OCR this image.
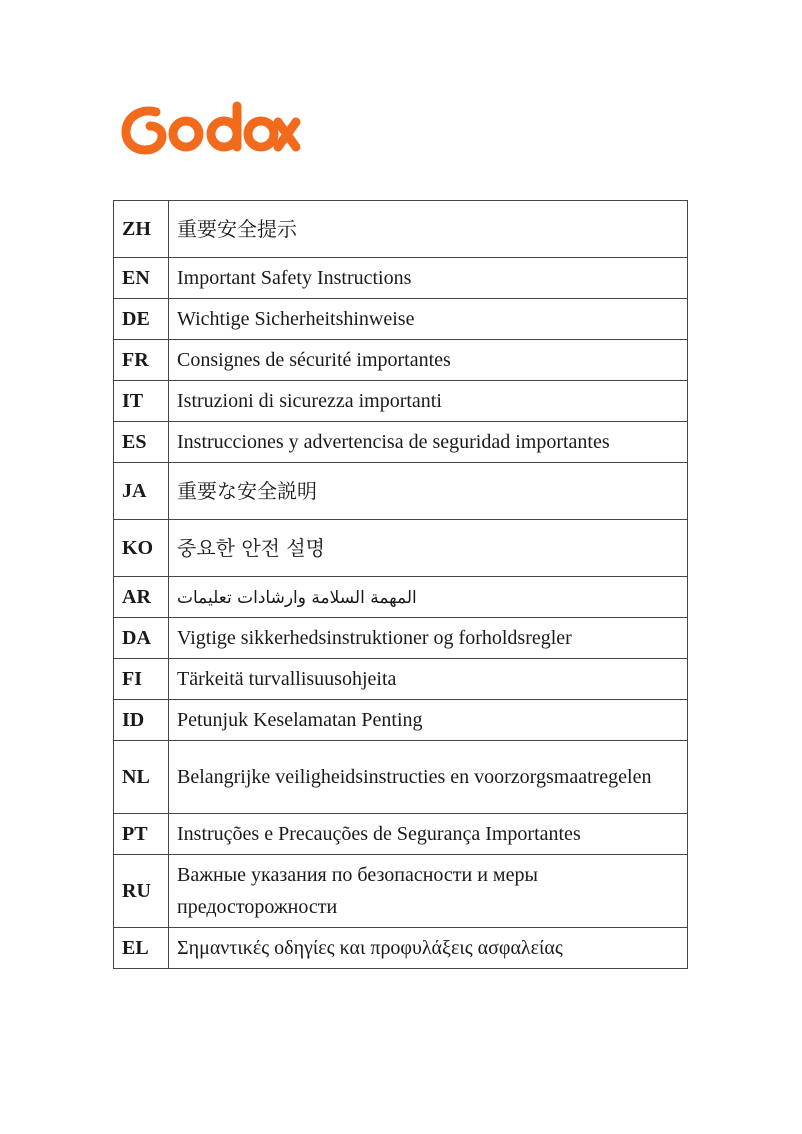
ZH	重要安全提示
EN	Important Safety Instructions
DE	Wichtige Sicherheitshinweise
FR	Consignes de sécurité importantes
IT	Istruzioni di sicurezza importanti
ES	Instrucciones y advertencisa de seguridad importantes
JA	重要な安全説明
KO	중요한 안전 설명
AR	المهمة السلامة وارشادات تعليمات
DA	Vigtige sikkerhedsinstruktioner og forholdsregler
FI	Tärkeitä turvallisuusohjeita
ID	Petunjuk Keselamatan Penting
NL	Belangrijke veiligheidsinstructies en voorzorgsmaatregelen
PT	Instruções e Precauções de Segurança Importantes
RU	Важные указания по безопасности и меры предосторожности
EL	Σημαντικές οδηγίες και προφυλάξεις ασφαλείας
